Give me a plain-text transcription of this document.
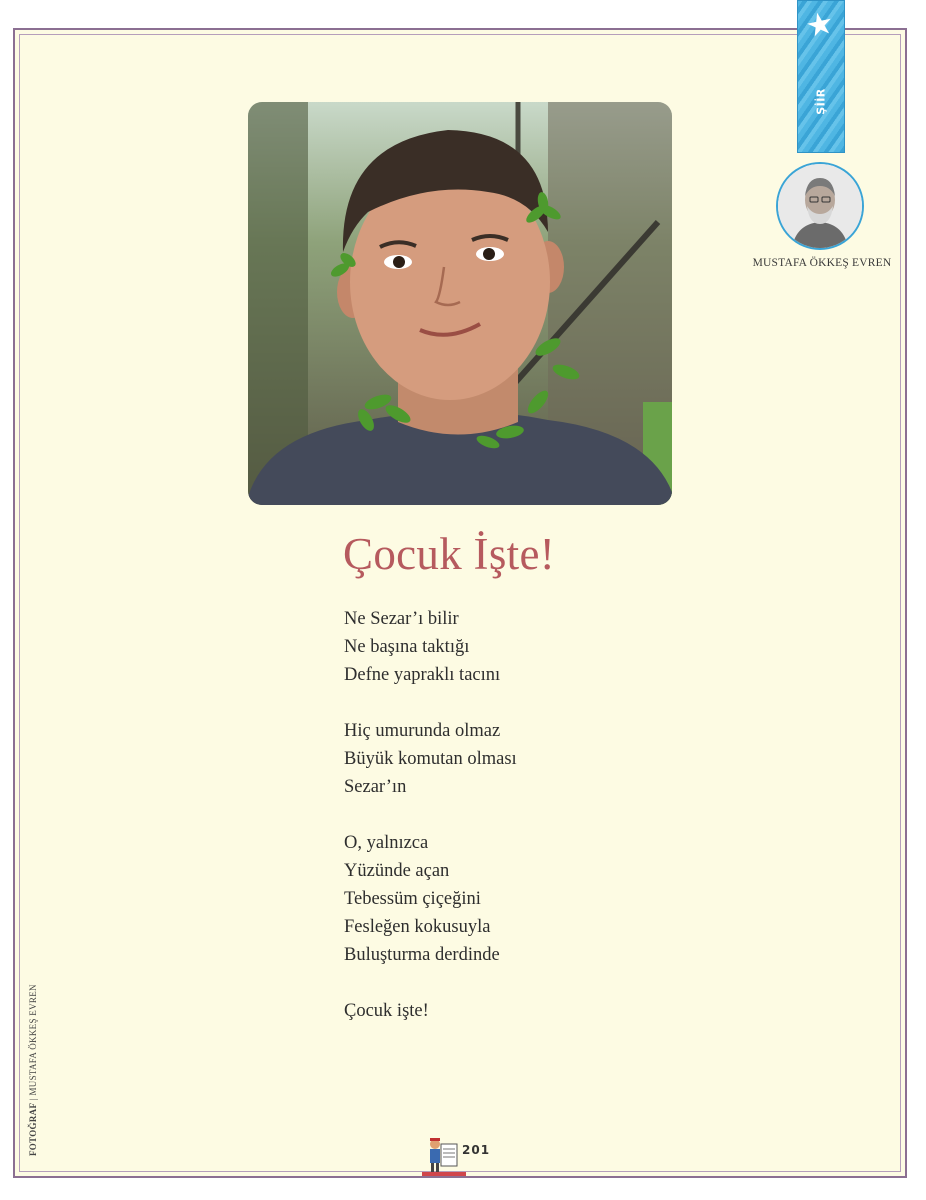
★
ŞİİR
MUSTAFA ÖKKEŞ EVREN
Çocuk İşte!
Ne Sezar’ı bilir
Ne başına taktığı
Defne yapraklı tacını
Hiç umurunda olmaz
Büyük komutan olması
Sezar’ın
O, yalnızca
Yüzünde açan
Tebessüm çiçeğini
Fesleğen kokusuyla
Buluşturma derdinde
Çocuk işte!
FOTOĞRAF | MUSTAFA ÖKKEŞ EVREN
201
